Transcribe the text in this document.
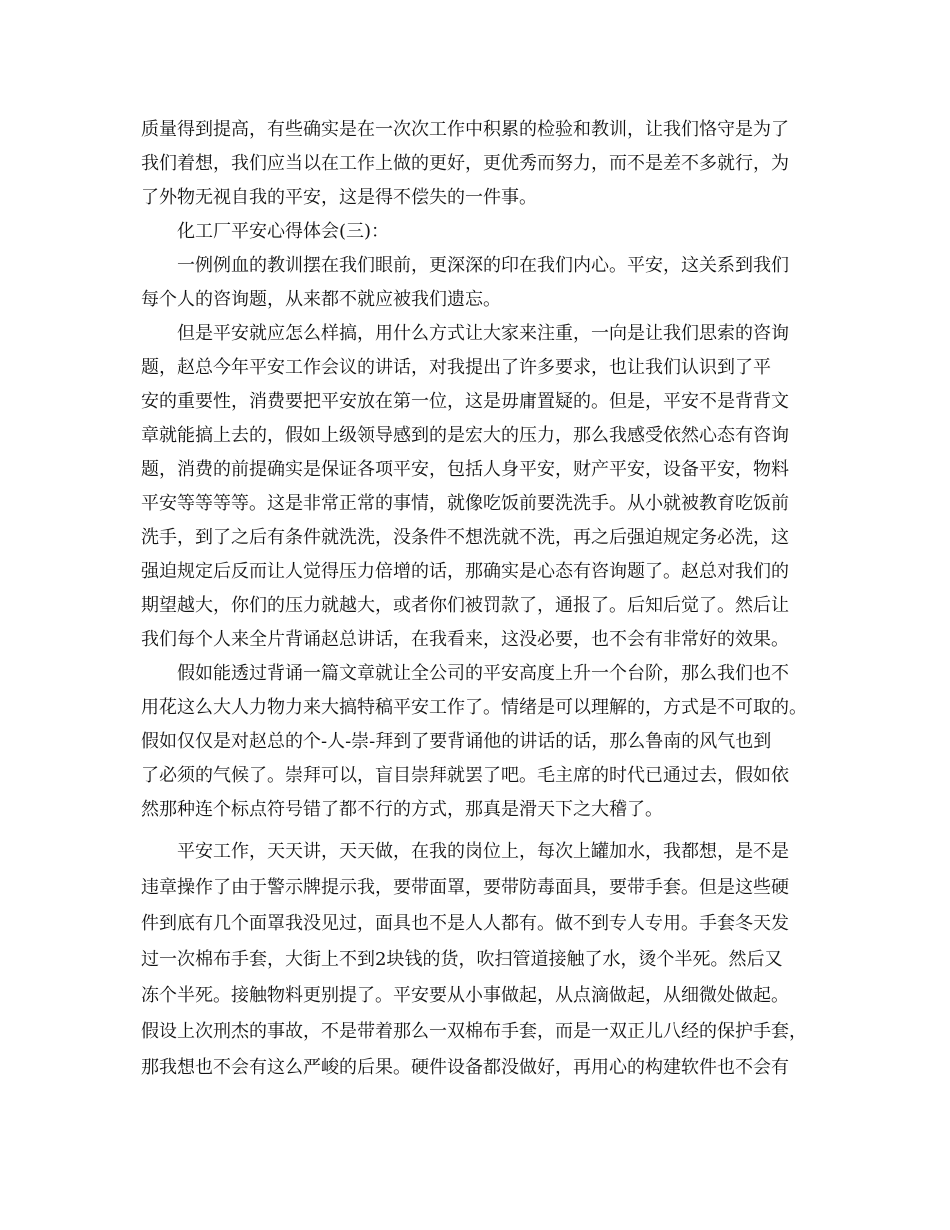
质量得到提高，有些确实是在一次次工作中积累的检验和教训，让我们恪守是为了
我们着想，我们应当以在工作上做的更好，更优秀而努力，而不是差不多就行，为
了外物无视自我的平安，这是得不偿失的一件事。
化工厂平安心得体会(三)：
一例例血的教训摆在我们眼前，更深深的印在我们内心。平安，这关系到我们
每个人的咨询题，从来都不就应被我们遗忘。
但是平安就应怎么样搞，用什么方式让大家来注重，一向是让我们思索的咨询
题，赵总今年平安工作会议的讲话，对我提出了许多要求，也让我们认识到了平
安的重要性，消费要把平安放在第一位，这是毋庸置疑的。但是，平安不是背背文
章就能搞上去的，假如上级领导感到的是宏大的压力，那么我感受依然心态有咨询
题，消费的前提确实是保证各项平安，包括人身平安，财产平安，设备平安，物料
平安等等等等。这是非常正常的事情，就像吃饭前要洗洗手。从小就被教育吃饭前
洗手，到了之后有条件就洗洗，没条件不想洗就不洗，再之后强迫规定务必洗，这
强迫规定后反而让人觉得压力倍增的话，那确实是心态有咨询题了。赵总对我们的
期望越大，你们的压力就越大，或者你们被罚款了，通报了。后知后觉了。然后让
我们每个人来全片背诵赵总讲话，在我看来，这没必要，也不会有非常好的效果。
假如能透过背诵一篇文章就让全公司的平安高度上升一个台阶，那么我们也不
用花这么大人力物力来大搞特稿平安工作了。情绪是可以理解的，方式是不可取的。
假如仅仅是对赵总的个-人-崇-拜到了要背诵他的讲话的话，那么鲁南的风气也到
了必须的气候了。崇拜可以，盲目崇拜就罢了吧。毛主席的时代已通过去，假如依
然那种连个标点符号错了都不行的方式，那真是滑天下之大稽了。
平安工作，天天讲，天天做，在我的岗位上，每次上罐加水，我都想，是不是
违章操作了由于警示牌提示我，要带面罩，要带防毒面具，要带手套。但是这些硬
件到底有几个面罩我没见过，面具也不是人人都有。做不到专人专用。手套冬天发
过一次棉布手套，大街上不到2块钱的货，吹扫管道接触了水，烫个半死。然后又
冻个半死。接触物料更别提了。平安要从小事做起，从点滴做起，从细微处做起。
假设上次刑杰的事故，不是带着那么一双棉布手套，而是一双正儿八经的保护手套，
那我想也不会有这么严峻的后果。硬件设备都没做好，再用心的构建软件也不会有
